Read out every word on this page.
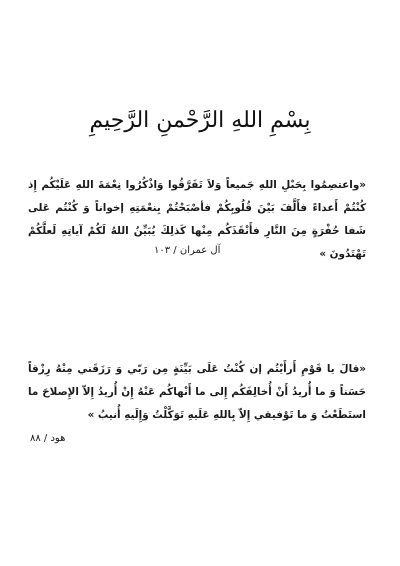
بِسْمِ اللهِ الرَّحْمنِ الرَّحِيمِ
«واعتصِمُوا بِحَبْلِ اللهِ جَميعاً وَلاَ تَفَرَّقُوا وَاذْكُرُوا نِعْمَةَ اللهِ عَلَيْكُم إِذ كُنْتُمْ أَعداءً فأَلَّفَ بَيْنَ قُلُوبِكُمْ فأصْبَحْتُمْ بِنعْمَتِهِ إخواناً وَ كُنْتُم عَلى شَفا حُفْرَةٍ مِنَ النَّارِ فأَنْقَذَكُم مِنْها كَذلِكَ يُبَيِّنُ اللهُ لَكُمْ آياتِهِ لَعلَّكُمْ تَهْتَدُونَ »
آل عمران / ١٠٣
«قالَ يا قَوْمِ أَرأَيْتُم إن كُنْتُ عَلَى بَيِّنَةٍ مِن رَبّي وَ رَزَقَني مِنْهُ رِزْقاً حَسَناً وَ ما أُريدُ أَنْ أُخالِفَكُم إِلى ما أَنْهاكُم عَنْهُ إِنْ أُريدُ إِلاّ الإِصلاحَ ما استَطَعْتُ وَ ما تَوْفيقي إِلاّ بِاللهِ عَلَيهِ تَوَكَّلْتُ وَإِلَيهِ أُنيبُ »
هود / ٨٨
